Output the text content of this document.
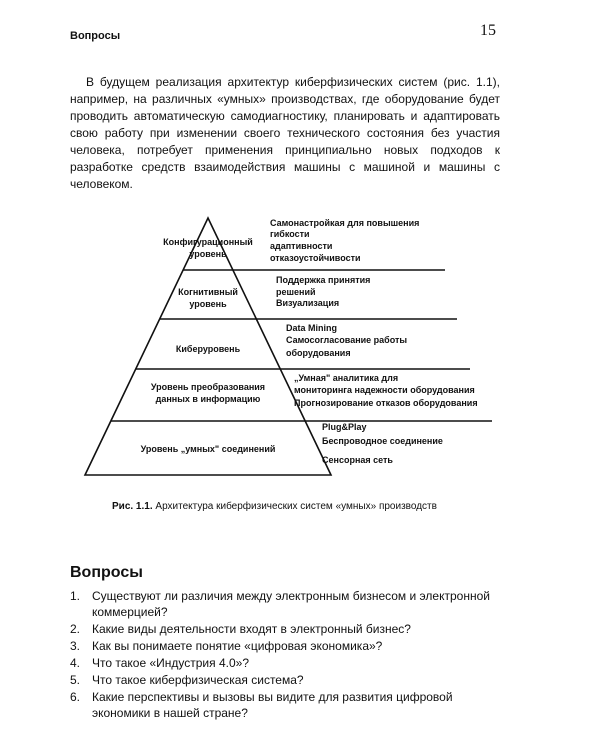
Вопросы	15
В будущем реализация архитектур киберфизических систем (рис. 1.1), например, на различных «умных» производствах, где оборудование будет проводить автоматическую самодиагностику, планировать и адаптировать свою работу при изменении своего технического состояния без участия человека, потребует применения принципиально новых подходов к разработке средств взаимодействия машины с машиной и машины с человеком.
Конфигурационный
уровень
Самонастройкая для повышения
гибкости
адаптивности
отказоустойчивости
Когнитивный
уровень
Поддержка принятия
решений
Визуализация
Киберуровень
Data Mining
Самосогласование работы
оборудования
Уровень преобразования
данных в информацию
„Умная" аналитика для
мониторинга надежности оборудования
Прогнозирование отказов оборудования
Уровень „умных" соединений
Plug&Play
Беспроводное соединение
Сенсорная сеть
Рис. 1.1. Архитектура киберфизических систем «умных» производств
Вопросы
1. Существуют ли различия между электронным бизнесом и электронной коммерцией?
2. Какие виды деятельности входят в электронный бизнес?
3. Как вы понимаете понятие «цифровая экономика»?
4. Что такое «Индустрия 4.0»?
5. Что такое киберфизическая система?
6. Какие перспективы и вызовы вы видите для развития цифровой экономики в нашей стране?
